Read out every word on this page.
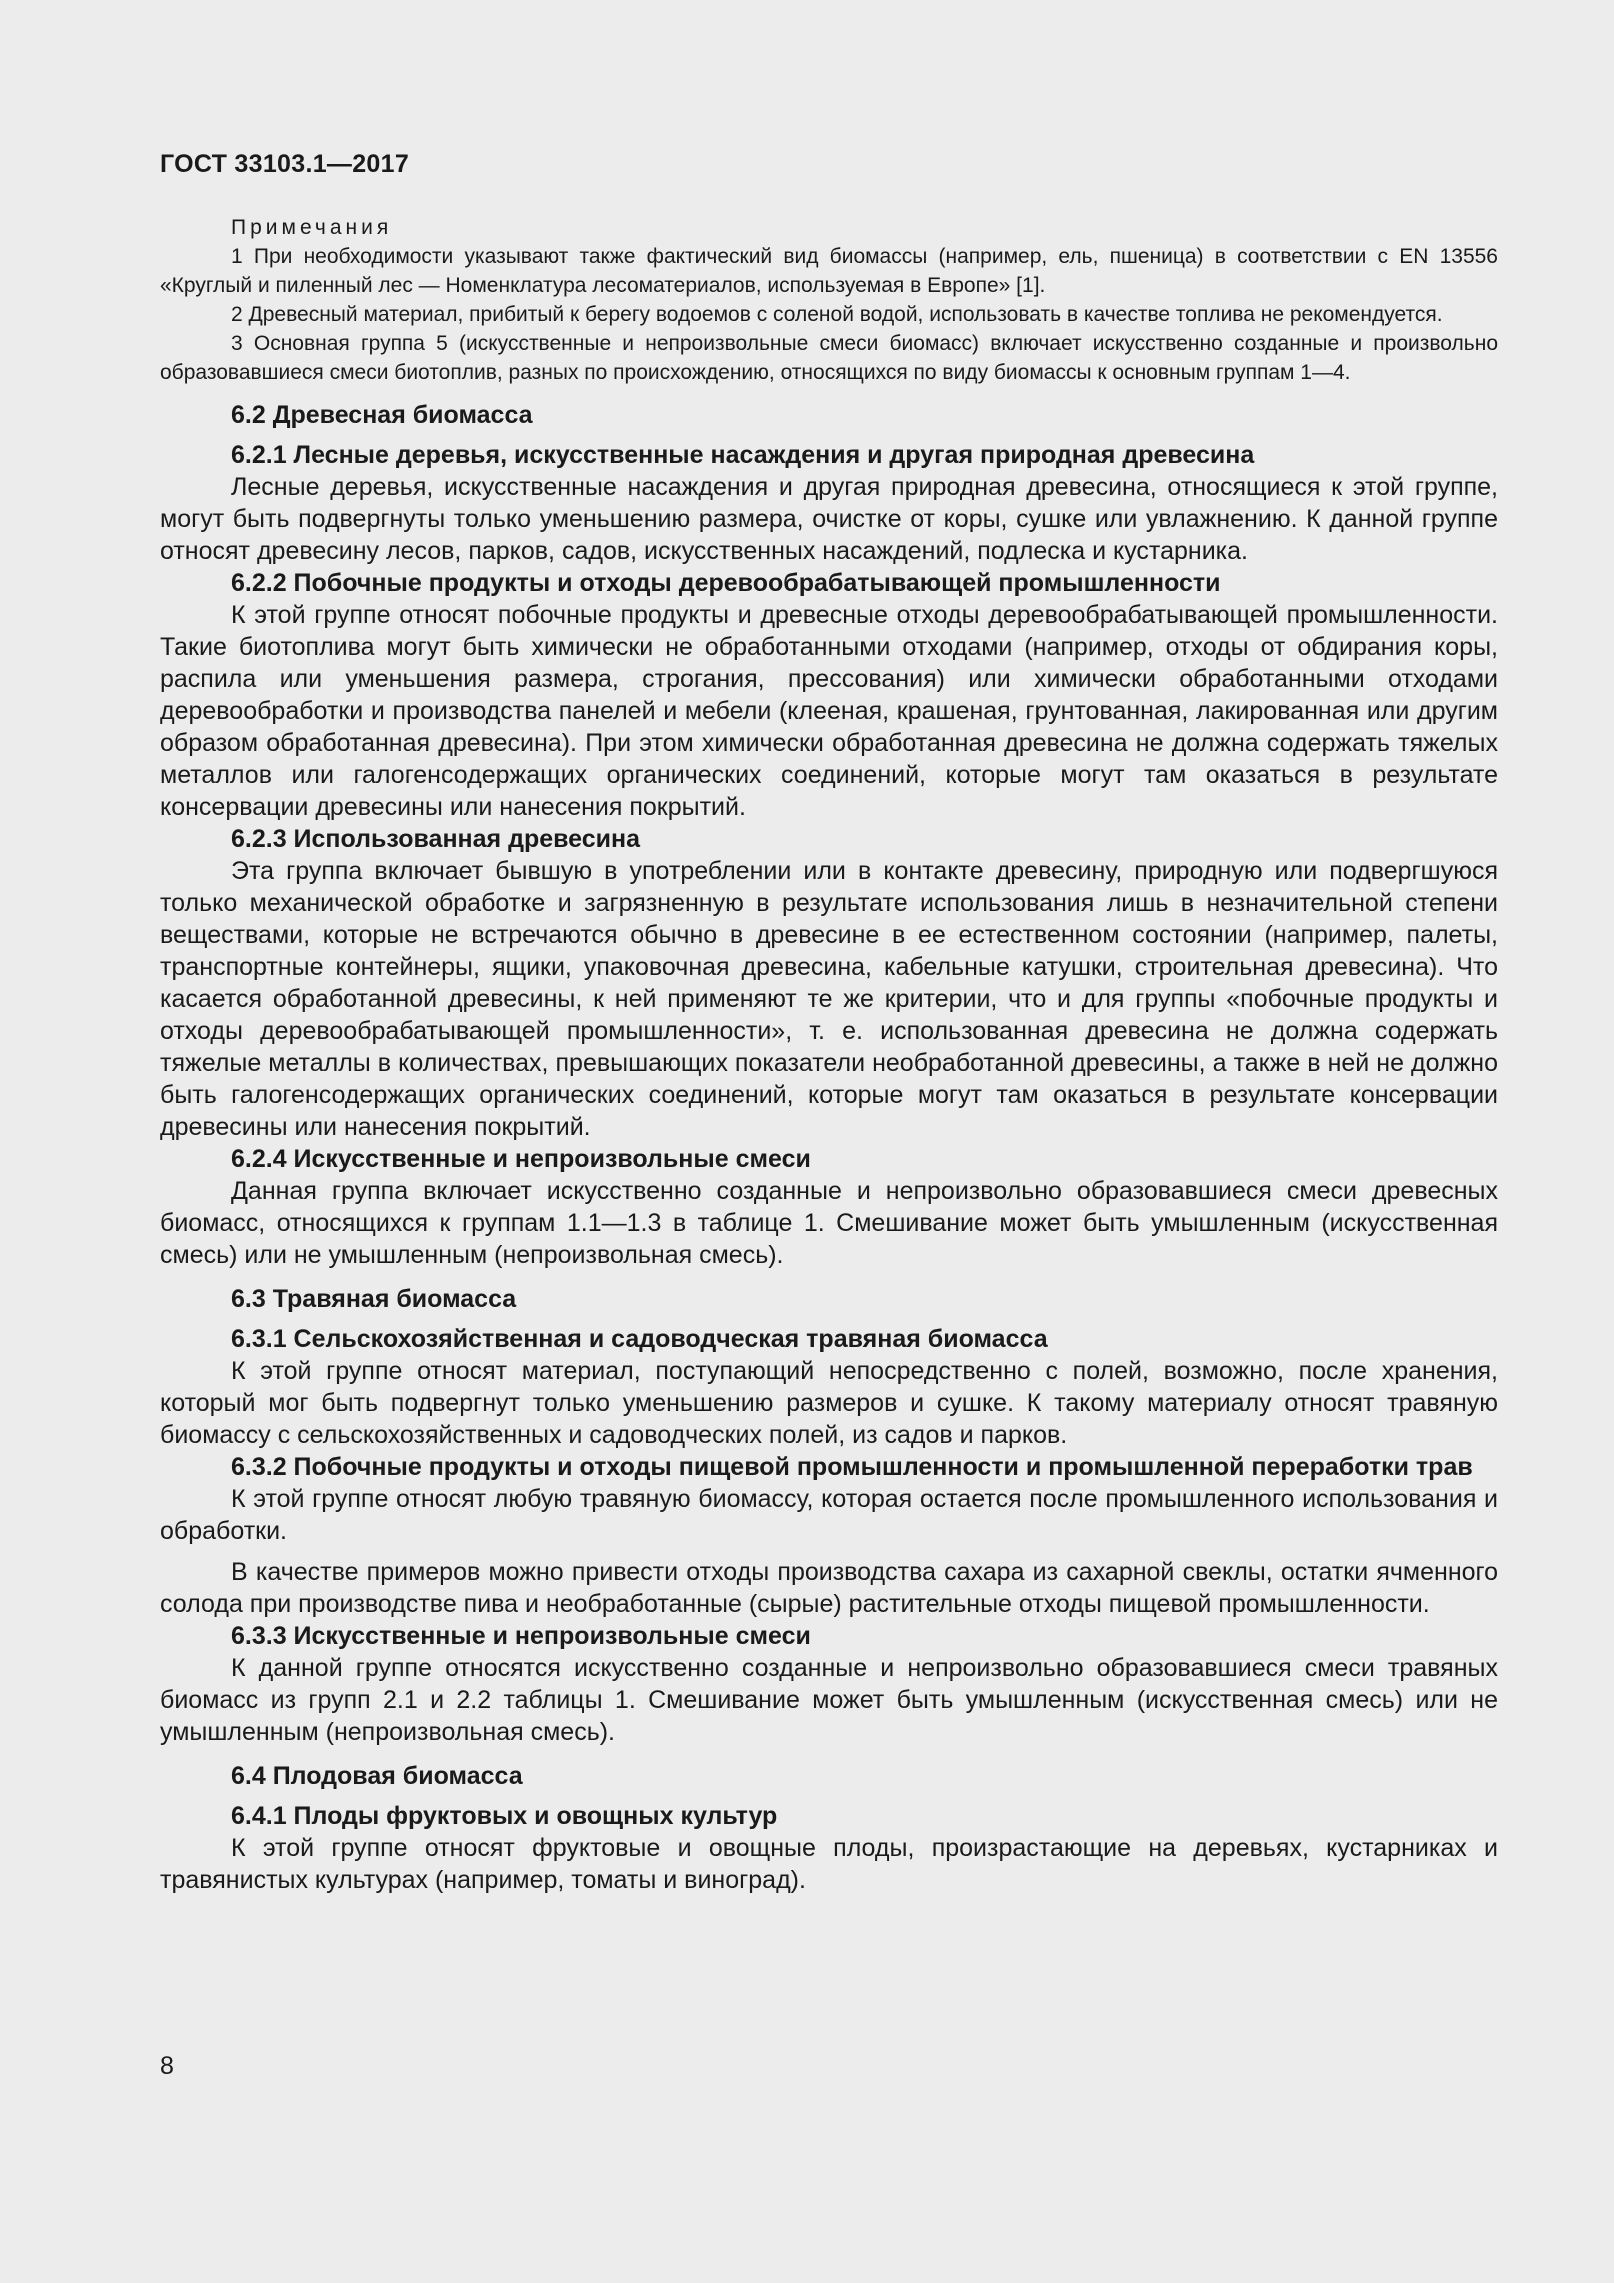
ГОСТ 33103.1—2017
Примечания

1 При необходимости указывают также фактический вид биомассы (например, ель, пшеница) в соответствии с EN 13556 «Круглый и пиленный лес — Номенклатура лесоматериалов, используемая в Европе» [1].

2 Древесный материал, прибитый к берегу водоемов с соленой водой, использовать в качестве топлива не рекомендуется.

3 Основная группа 5 (искусственные и непроизвольные смеси биомасс) включает искусственно созданные и произвольно образовавшиеся смеси биотоплив, разных по происхождению, относящихся по виду биомассы к основным группам 1—4.

6.2 Древесная биомасса
6.2.1 Лесные деревья, искусственные насаждения и другая природная древесина

Лесные деревья, искусственные насаждения и другая природная древесина, относящиеся к этой группе, могут быть подвергнуты только уменьшению размера, очистке от коры, сушке или увлажнению. К данной группе относят древесину лесов, парков, садов, искусственных насаждений, подлеска и кустарника.

6.2.2 Побочные продукты и отходы деревообрабатывающей промышленности

К этой группе относят побочные продукты и древесные отходы деревообрабатывающей промышленности. Такие биотоплива могут быть химически не обработанными отходами (например, отходы от обдирания коры, распила или уменьшения размера, строгания, прессования) или химически обработанными отходами деревообработки и производства панелей и мебели (клееная, крашеная, грунтованная, лакированная или другим образом обработанная древесина). При этом химически обработанная древесина не должна содержать тяжелых металлов или галогенсодержащих органических соединений, которые могут там оказаться в результате консервации древесины или нанесения покрытий.

6.2.3 Использованная древесина

Эта группа включает бывшую в употреблении или в контакте древесину, природную или подвергшуюся только механической обработке и загрязненную в результате использования лишь в незначительной степени веществами, которые не встречаются обычно в древесине в ее естественном состоянии (например, палеты, транспортные контейнеры, ящики, упаковочная древесина, кабельные катушки, строительная древесина). Что касается обработанной древесины, к ней применяют те же критерии, что и для группы «побочные продукты и отходы деревообрабатывающей промышленности», т. е. использованная древесина не должна содержать тяжелые металлы в количествах, превышающих показатели необработанной древесины, а также в ней не должно быть галогенсодержащих органических соединений, которые могут там оказаться в результате консервации древесины или нанесения покрытий.

6.2.4 Искусственные и непроизвольные смеси

Данная группа включает искусственно созданные и непроизвольно образовавшиеся смеси древесных биомасс, относящихся к группам 1.1—1.3 в таблице 1. Смешивание может быть умышленным (искусственная смесь) или не умышленным (непроизвольная смесь).

6.3 Травяная биомасса
6.3.1 Сельскохозяйственная и садоводческая травяная биомасса

К этой группе относят материал, поступающий непосредственно с полей, возможно, после хранения, который мог быть подвергнут только уменьшению размеров и сушке. К такому материалу относят травяную биомассу с сельскохозяйственных и садоводческих полей, из садов и парков.

6.3.2 Побочные продукты и отходы пищевой промышленности и промышленной переработки трав

К этой группе относят любую травяную биомассу, которая остается после промышленного использования и обработки.

В качестве примеров можно привести отходы производства сахара из сахарной свеклы, остатки ячменного солода при производстве пива и необработанные (сырые) растительные отходы пищевой промышленности.

6.3.3 Искусственные и непроизвольные смеси

К данной группе относятся искусственно созданные и непроизвольно образовавшиеся смеси травяных биомасс из групп 2.1 и 2.2 таблицы 1. Смешивание может быть умышленным (искусственная смесь) или не умышленным (непроизвольная смесь).

6.4 Плодовая биомасса
6.4.1 Плоды фруктовых и овощных культур

К этой группе относят фруктовые и овощные плоды, произрастающие на деревьях, кустарниках и травянистых культурах (например, томаты и виноград).

8
